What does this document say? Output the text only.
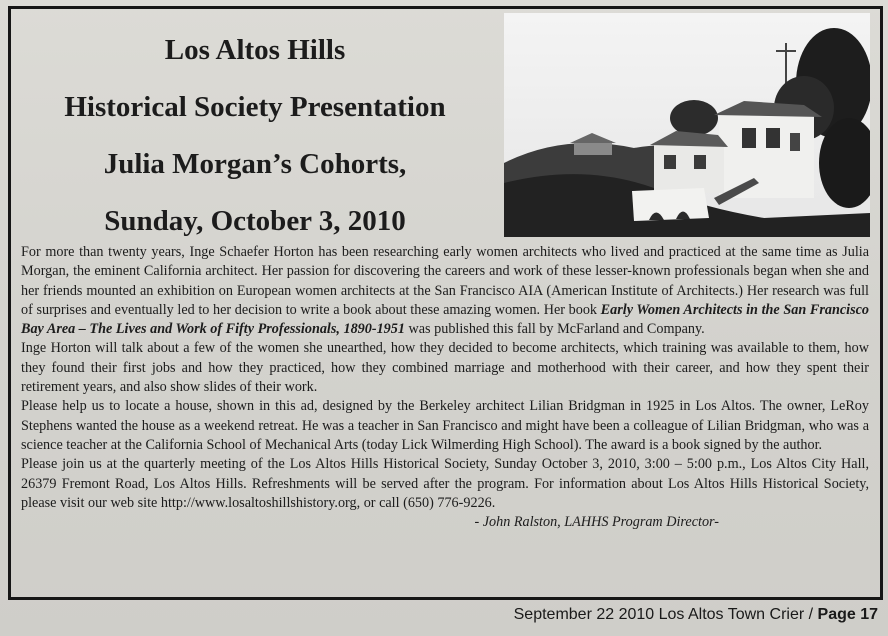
Los Altos Hills
Historical Society Presentation
Julia Morgan’s Cohorts,
Sunday, October 3, 2010

For more than twenty years, Inge Schaefer Horton has been researching early women architects who lived and practiced at the same time as Julia Morgan, the eminent California architect. Her passion for discovering the careers and work of these lesser-known professionals began when she and her friends mounted an exhibition on European women architects at the San Francisco AIA (American Institute of Architects.) Her research was full of surprises and eventually led to her decision to write a book about these amazing women. Her book Early Women Architects in the San Francisco Bay Area – The Lives and Work of Fifty Professionals, 1890-1951 was published this fall by McFarland and Company.

Inge Horton will talk about a few of the women she unearthed, how they decided to become architects, which training was available to them, how they found their first jobs and how they practiced, how they combined marriage and motherhood with their career, and how they spent their retirement years, and also show slides of their work.

Please help us to locate a house, shown in this ad, designed by the Berkeley architect Lilian Bridgman in 1925 in Los Altos. The owner, LeRoy Stephens wanted the house as a weekend retreat. He was a teacher in San Francisco and might have been a colleague of Lilian Bridgman, who was a science teacher at the California School of Mechanical Arts (today Lick Wilmerding High School). The award is a book signed by the author.

Please join us at the quarterly meeting of the Los Altos Hills Historical Society, Sunday October 3, 2010, 3:00 – 5:00 p.m., Los Altos City Hall, 26379 Fremont Road, Los Altos Hills. Refreshments will be served after the program. For information about Los Altos Hills Historical Society, please visit our web site http://www.losaltoshillshistory.org, or call (650) 776-9226.

- John Ralston, LAHHS Program Director-

September 22 2010 Los Altos Town Crier / Page 17
